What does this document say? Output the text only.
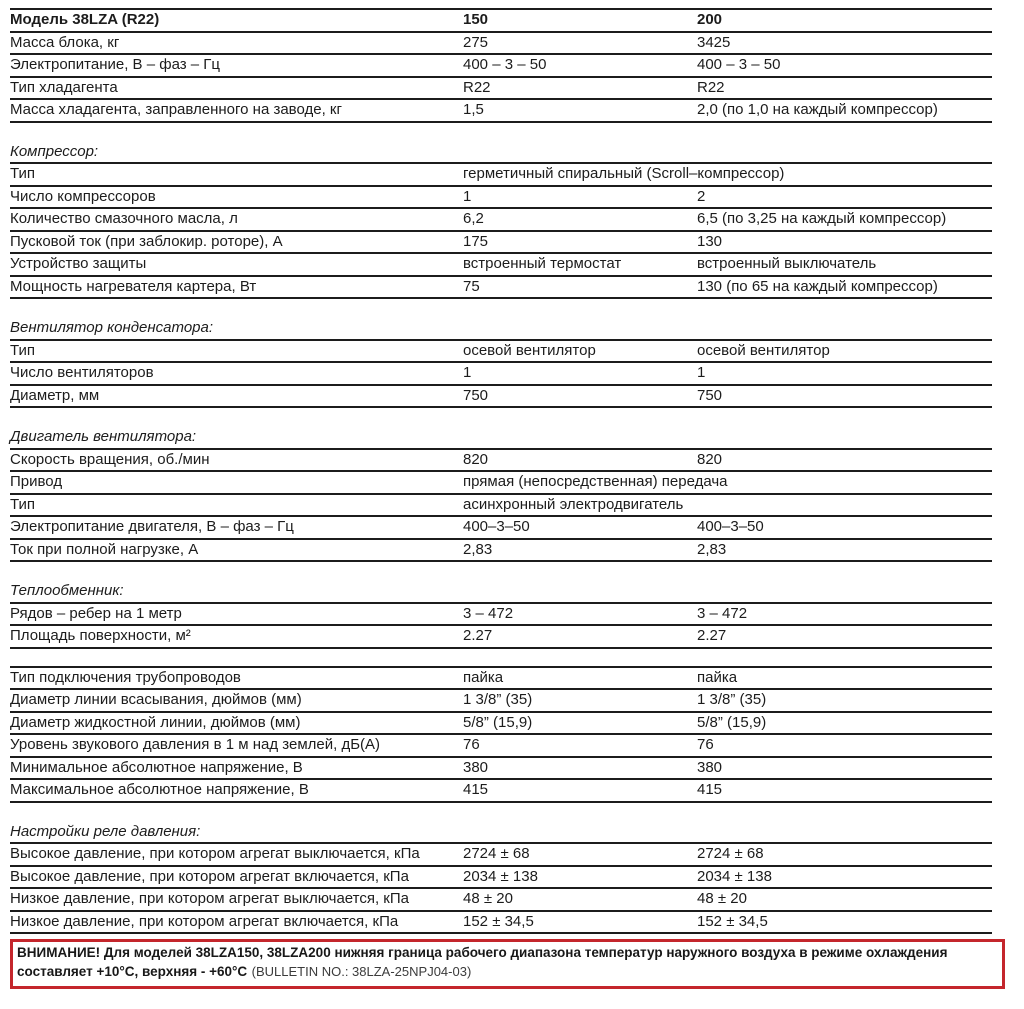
Модель 38LZA (R22)	150	200
Масса блока, кг	275	3425
Электропитание, В – фаз – Гц	400 – 3 – 50	400 – 3 – 50
Тип хладагента	R22	R22
Масса хладагента, заправленного на заводе, кг	1,5	2,0 (по 1,0 на каждый компрессор)
Компрессор:
Тип	герметичный спиральный (Scroll–компрессор)
Число компрессоров	1	2
Количество смазочного масла, л	6,2	6,5 (по 3,25 на каждый компрессор)
Пусковой ток (при заблокир. роторе), А	175	130
Устройство защиты	встроенный термостат	встроенный выключатель
Мощность нагревателя картера, Вт	75	130 (по 65 на каждый компрессор)
Вентилятор конденсатора:
Тип	осевой вентилятор	осевой вентилятор
Число вентиляторов	1	1
Диаметр, мм	750	750
Двигатель вентилятора:
Скорость вращения, об./мин	820	820
Привод	прямая (непосредственная) передача
Тип	асинхронный электродвигатель
Электропитание двигателя, В – фаз – Гц	400–3–50	400–3–50
Ток при полной нагрузке, А	2,83	2,83
Теплообменник:
Рядов – ребер на 1 метр	3 – 472	3 – 472
Площадь поверхности, м²	2.27	2.27
Тип подключения трубопроводов	пайка	пайка
Диаметр линии всасывания, дюймов (мм)	1 3/8” (35)	1 3/8” (35)
Диаметр жидкостной линии, дюймов (мм)	5/8” (15,9)	5/8” (15,9)
Уровень звукового давления в 1 м над землей, дБ(А)	76	76
Минимальное абсолютное напряжение, В	380	380
Максимальное абсолютное напряжение, В	415	415
Настройки реле давления:
Высокое давление, при котором агрегат выключается, кПа	2724 ± 68	2724 ± 68
Высокое давление, при котором агрегат включается, кПа	2034 ± 138	2034 ± 138
Низкое давление, при котором агрегат выключается, кПа	48 ± 20	48 ± 20
Низкое давление, при котором агрегат включается, кПа	152 ± 34,5	152 ± 34,5
ВНИМАНИЕ! Для моделей 38LZA150, 38LZA200 нижняя граница рабочего диапазона температур наружного воздуха в режиме охлаждения составляет +10°С, верхняя - +60°С (BULLETIN NO.: 38LZA-25NPJ04-03)
